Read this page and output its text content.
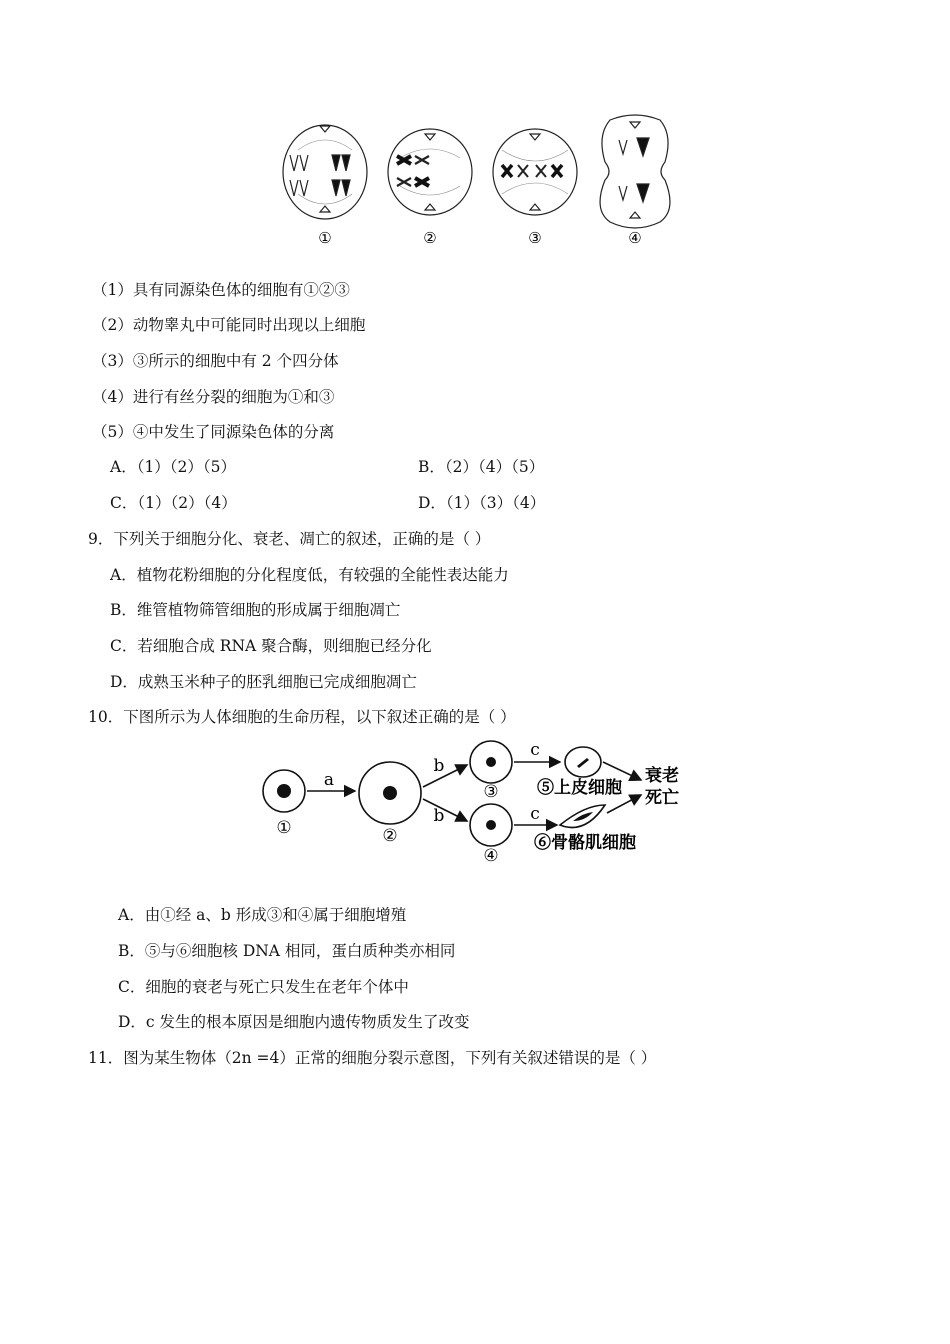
①	②	③	④
（1）具有同源染色体的细胞有①②③
（2）动物睾丸中可能同时出现以上细胞
（3）③所示的细胞中有 2 个四分体
（4）进行有丝分裂的细胞为①和③
（5）④中发生了同源染色体的分离
A．（1）（2）（5）	B．（2）（4）（5）
C．（1）（2）（4）	D．（1）（3）（4）
9．下列关于细胞分化、衰老、凋亡的叙述，正确的是（ ）
A．植物花粉细胞的分化程度低，有较强的全能性表达能力
B．维管植物筛管细胞的形成属于细胞凋亡
C．若细胞合成 RNA 聚合酶，则细胞已经分化
D．成熟玉米种子的胚乳细胞已完成细胞凋亡
10．下图所示为人体细胞的生命历程，以下叙述正确的是（ ）
①	②
③
④
a
b
b
c
c
⑤上皮细胞
⑥骨骼肌细胞
衰老
死亡
A．由①经 a、b 形成③和④属于细胞增殖
B．⑤与⑥细胞核 DNA 相同，蛋白质种类亦相同
C．细胞的衰老与死亡只发生在老年个体中
D．c 发生的根本原因是细胞内遗传物质发生了改变
11．图为某生物体（2n =4）正常的细胞分裂示意图，下列有关叙述错误的是（ ）
